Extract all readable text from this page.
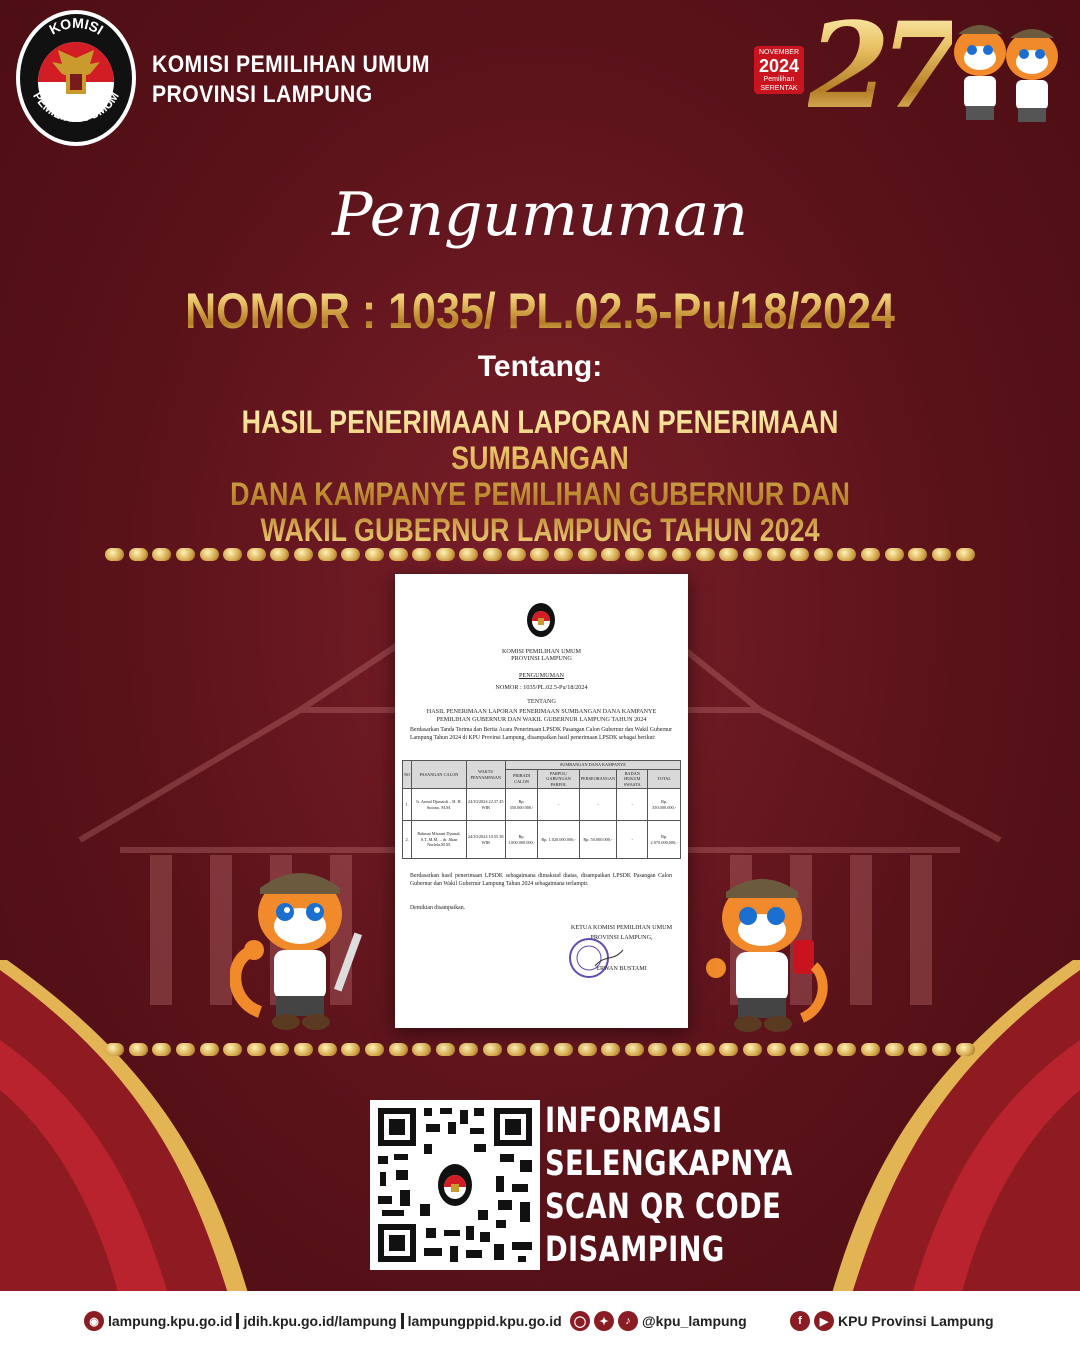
KOMISI
PEMILIHAN UMUM
KOMISI PEMILIHAN UMUM
PROVINSI LAMPUNG
NOVEMBER
2024
Pemilihan
SERENTAK 27
Pengumuman
NOMOR : 1035/ PL.02.5-Pu/18/2024
Tentang:
HASIL PENERIMAAN LAPORAN PENERIMAAN SUMBANGAN
DANA KAMPANYE PEMILIHAN GUBERNUR DAN
WAKIL GUBERNUR LAMPUNG TAHUN 2024
KOMISI PEMILIHAN UMUM
PROVINSI LAMPUNG
PENGUMUMAN
NOMOR : 1035/PL.02.5-Pu/18/2024
TENTANG
HASIL PENERIMAAN LAPORAN PENERIMAAN SUMBANGAN DANA KAMPANYE
PEMILIHAN GUBERNUR DAN WAKIL GUBERNUR LAMPUNG TAHUN 2024
Berdasarkan Tanda Terima dan Berita Acara Penerimaan LPSDK Pasangan Calon Gubernur dan Wakil Gubernur Lampung Tahun 2024 di KPU Provinsi Lampung, disampaikan hasil penerimaan LPSDK sebagai berikut:
NO	PASANGAN CALON	WAKTU PENYAMPAIAN	SUMBANGAN DANA KAMPANYE				
			PRIBADI CALON	PARPOL/ GABUNGAN PARPOL	PERSEORANGAN	BADAN HUKUM SWASTA	TOTAL
1.	Ir. Arinal Djunaidi – H. H. Sutono, M.M.	24/10/2024 22.37.45 WIB	Rp. 350.000.000,-	-	-	-	Rp. 350.000.000,-
2.	Rahmat Mirzani Djausal, S.T.,M.M. – dr. Jihan Nurlela,M.M.	24/10/2024 10.55.38 WIB	Rp. 1.000.000.000,-	Rp. 1.020.000.000,-	Rp. 50.000.000,-	-	Rp. 2.070.000.000,-
Berdasarkan hasil penerimaan LPSDK sebagaimana dimaksud diatas, disampaikan LPSDK Pasangan Calon Gubernur dan Wakil Gubernur Lampung Tahun 2024 sebagaimana terlampir.
Demikian disampaikan.
KETUA KOMISI PEMILIHAN UMUM
PROVINSI LAMPUNG,
ERWAN BUSTAMI
INFORMASI
SELENGKAPNYA
SCAN QR CODE
DISAMPING
◉ lampung.kpu.go.id jdih.kpu.go.id/lampung lampungppid.kpu.go.id	◯	✦	♪ @kpu_lampung	f	▶ KPU Provinsi Lampung
